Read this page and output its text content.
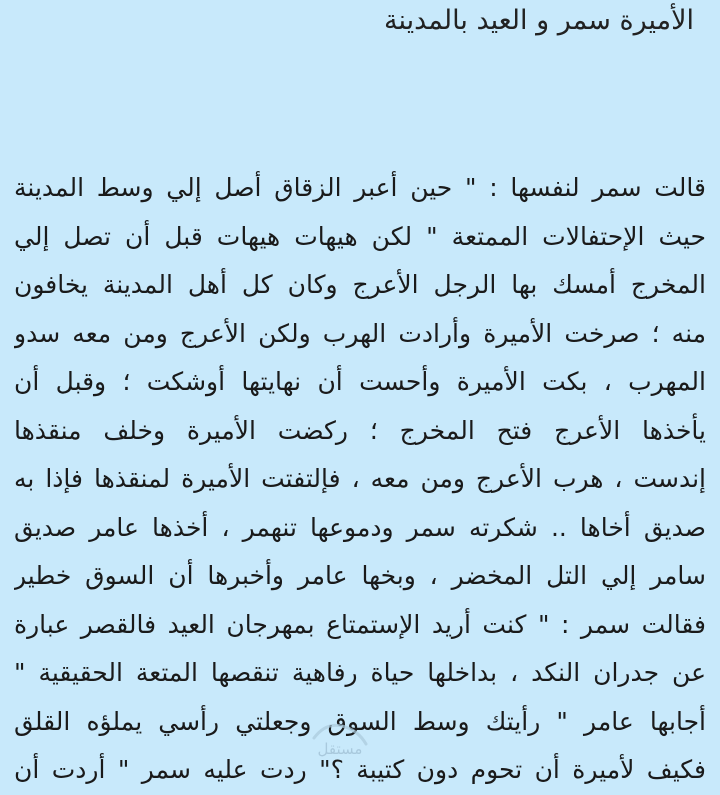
الأميرة سمر و العيد بالمدينة
قالت سمر لنفسها : " حين أعبر الزقاق أصل إلي وسط المدينة
حيث الإحتفالات الممتعة " لكن هيهات هيهات قبل أن تصل إلي
المخرج أمسك بها الرجل الأعرج وكان كل أهل المدينة يخافون
منه ؛ صرخت الأميرة وأرادت الهرب ولكن الأعرج ومن معه سدو
المهرب ، بكت الأميرة وأحست أن نهايتها أوشكت ؛ وقبل أن
يأخذها الأعرج فتح المخرج ؛ ركضت الأميرة وخلف منقذها
إندست ، هرب الأعرج ومن معه ، فإلتفتت الأميرة لمنقذها فإذا به
صديق أخاها .. شكرته سمر ودموعها تنهمر ، أخذها عامر صديق
سامر إلي التل المخضر ، وبخها عامر وأخبرها أن السوق خطير
فقالت سمر : " كنت أريد الإستمتاع بمهرجان العيد فالقصر عبارة
عن جدران النكد ، بداخلها حياة رفاهية تنقصها المتعة الحقيقية "
أجابها عامر " رأيتك وسط السوق وجعلتي رأسي يملؤه القلق
فكيف لأميرة أن تحوم دون كتيبة ؟" ردت عليه سمر " أردت أن
مستقل
